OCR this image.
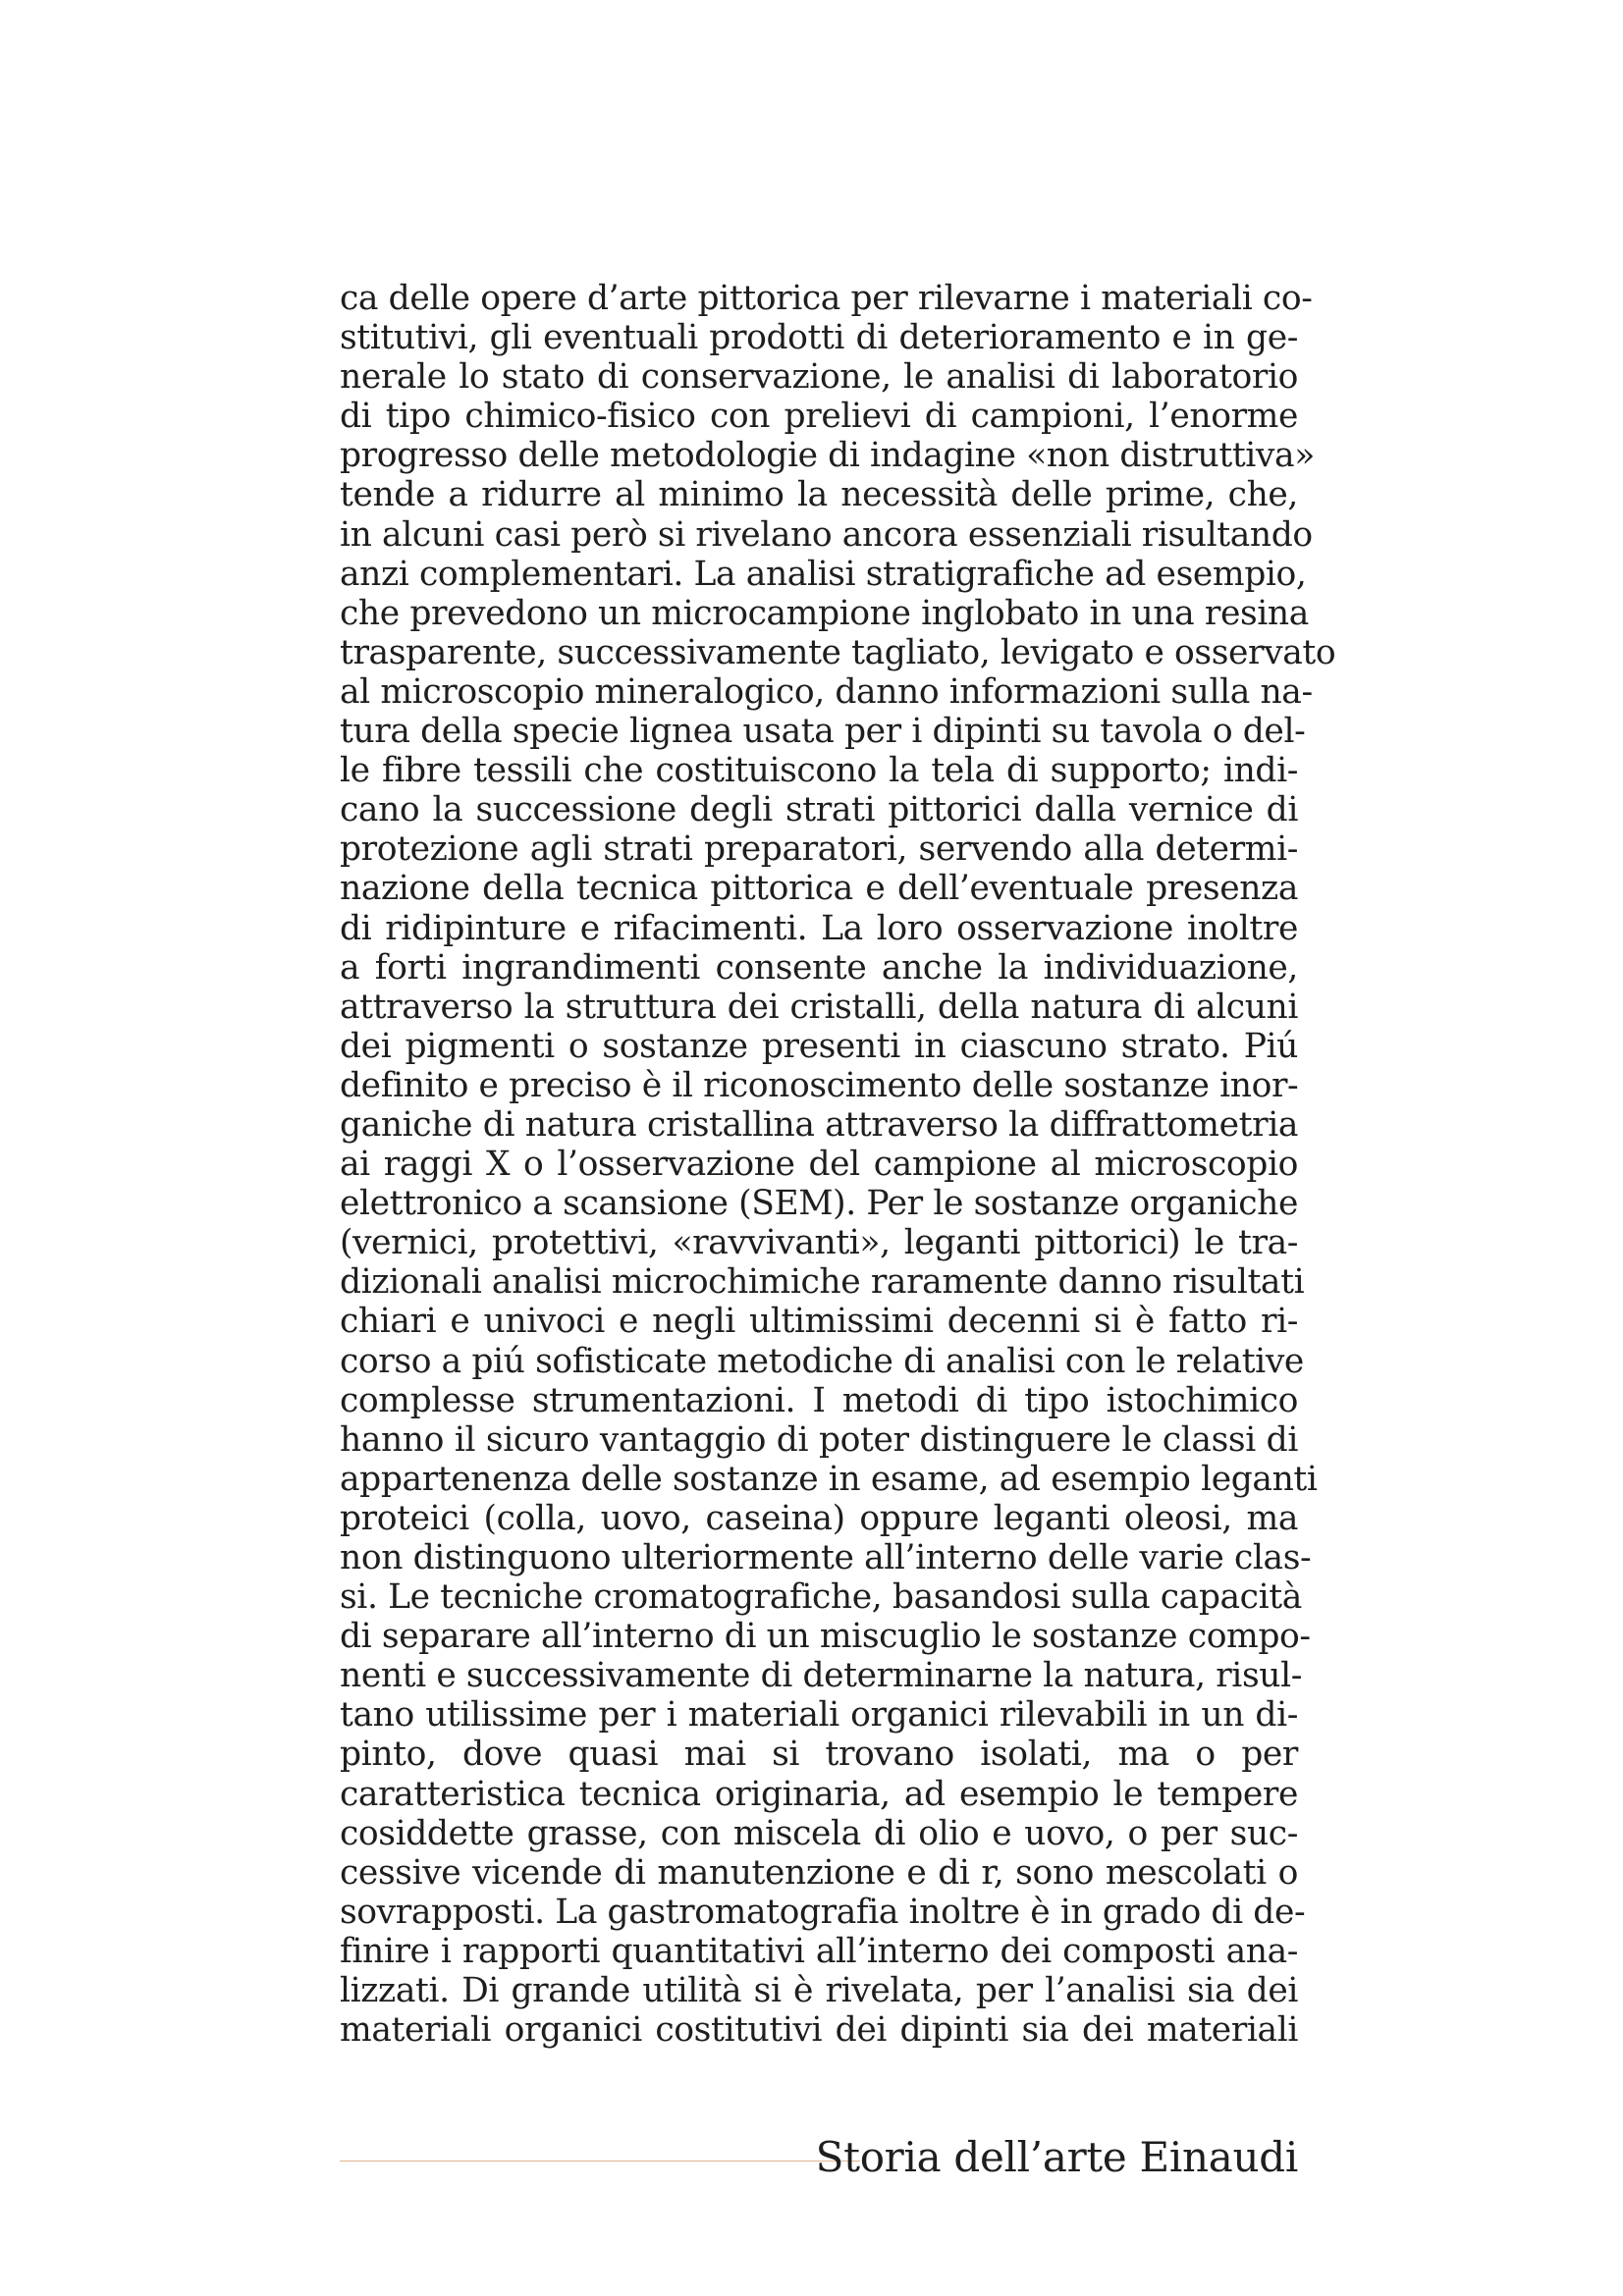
ca delle opere d’arte pittorica per rilevarne i materiali co-
stitutivi, gli eventuali prodotti di deterioramento e in ge-
nerale lo stato di conservazione, le analisi di laboratorio
di tipo chimico-fisico con prelievi di campioni, l’enorme
progresso delle metodologie di indagine «non distruttiva»
tende a ridurre al minimo la necessità delle prime, che,
in alcuni casi però si rivelano ancora essenziali risultando
anzi complementari. La analisi stratigrafiche ad esempio,
che prevedono un microcampione inglobato in una resina
trasparente, successivamente tagliato, levigato e osservato
al microscopio mineralogico, danno informazioni sulla na-
tura della specie lignea usata per i dipinti su tavola o del-
le fibre tessili che costituiscono la tela di supporto; indi-
cano la successione degli strati pittorici dalla vernice di
protezione agli strati preparatori, servendo alla determi-
nazione della tecnica pittorica e dell’eventuale presenza
di ridipinture e rifacimenti. La loro osservazione inoltre
a forti ingrandimenti consente anche la individuazione,
attraverso la struttura dei cristalli, della natura di alcuni
dei pigmenti o sostanze presenti in ciascuno strato. Piú
definito e preciso è il riconoscimento delle sostanze inor-
ganiche di natura cristallina attraverso la diffrattometria
ai raggi X o l’osservazione del campione al microscopio
elettronico a scansione (SEM). Per le sostanze organiche
(vernici, protettivi, «ravvivanti», leganti pittorici) le tra-
dizionali analisi microchimiche raramente danno risultati
chiari e univoci e negli ultimissimi decenni si è fatto ri-
corso a piú sofisticate metodiche di analisi con le relative
complesse strumentazioni. I metodi di tipo istochimico
hanno il sicuro vantaggio di poter distinguere le classi di
appartenenza delle sostanze in esame, ad esempio leganti
proteici (colla, uovo, caseina) oppure leganti oleosi, ma
non distinguono ulteriormente all’interno delle varie clas-
si. Le tecniche cromatografiche, basandosi sulla capacità
di separare all’interno di un miscuglio le sostanze compo-
nenti e successivamente di determinarne la natura, risul-
tano utilissime per i materiali organici rilevabili in un di-
pinto, dove quasi mai si trovano isolati, ma o per
caratteristica tecnica originaria, ad esempio le tempere
cosiddette grasse, con miscela di olio e uovo, o per suc-
cessive vicende di manutenzione e di r, sono mescolati o
sovrapposti. La gastromatografia inoltre è in grado di de-
finire i rapporti quantitativi all’interno dei composti ana-
lizzati. Di grande utilità si è rivelata, per l’analisi sia dei
materiali organici costitutivi dei dipinti sia dei materiali
Storia dell’arte Einaudi
